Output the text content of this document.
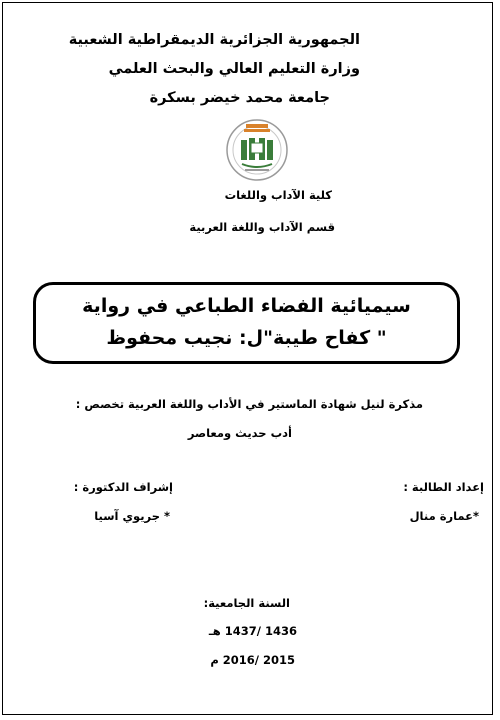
الجمهورية الجزائرية الديمقراطية الشعبية
وزارة التعليم العالي والبحث العلمي
جامعة محمد خيضر بسكرة
كلية الآداب واللغات
قسم الآداب واللغة العربية
سيميائية الفضاء الطباعي في رواية
" كفاح طيبة"ل: نجيب محفوظ
مذكرة لنيل شهادة الماستير في الأداب واللغة العربية تخصص :
أدب حديث ومعاصر
إعداد الطالبة :
*عمارة منال
إشراف الدكتورة :
* جريوي آسيا
السنة الجامعية:
1436 /1437 هـ
2015 /2016 م
